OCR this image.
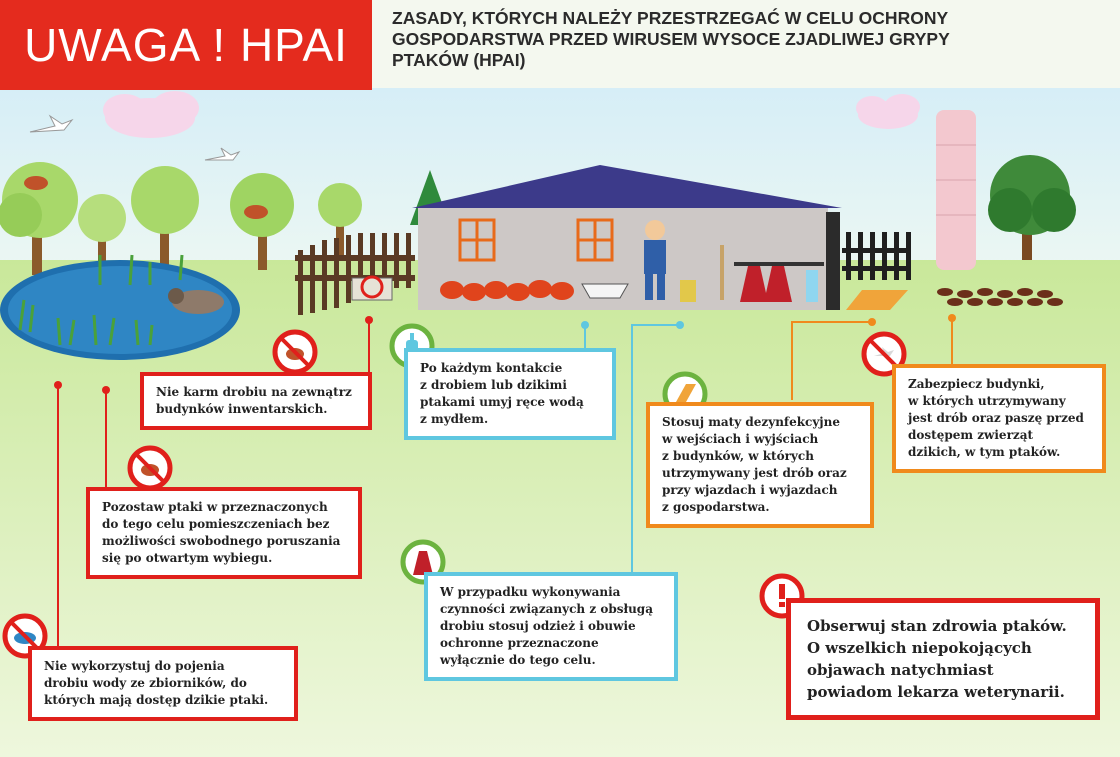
UWAGA ! HPAI
ZASADY, KTÓRYCH NALEŻY PRZESTRZEGAĆ W CELU OCHRONY
GOSPODARSTWA PRZED WIRUSEM WYSOCE ZJADLIWEJ GRYPY
PTAKÓW (HPAI)
Nie karm drobiu na zewnątrz
budynków inwentarskich.
Po każdym kontakcie
z drobiem lub dzikimi
ptakami umyj ręce wodą
z mydłem.	Stosuj maty dezynfekcyjne
w wejściach i wyjściach
z budynków, w których
utrzymywany jest drób oraz
przy wjazdach i wyjazdach
z gospodarstwa.
Zabezpiecz budynki,
w których utrzymywany
jest drób oraz paszę przed
dostępem zwierząt
dzikich, w tym ptaków.
Pozostaw ptaki w przeznaczonych
do tego celu pomieszczeniach bez
możliwości swobodnego poruszania
się po otwartym wybiegu.
W przypadku wykonywania
czynności związanych z obsługą
drobiu stosuj odzież i obuwie
ochronne przeznaczone
wyłącznie do tego celu.
Nie wykorzystuj do pojenia
drobiu wody ze zbiorników, do
których mają dostęp dzikie ptaki.
Obserwuj stan zdrowia ptaków.
O wszelkich niepokojących
objawach natychmiast
powiadom lekarza weterynarii.
